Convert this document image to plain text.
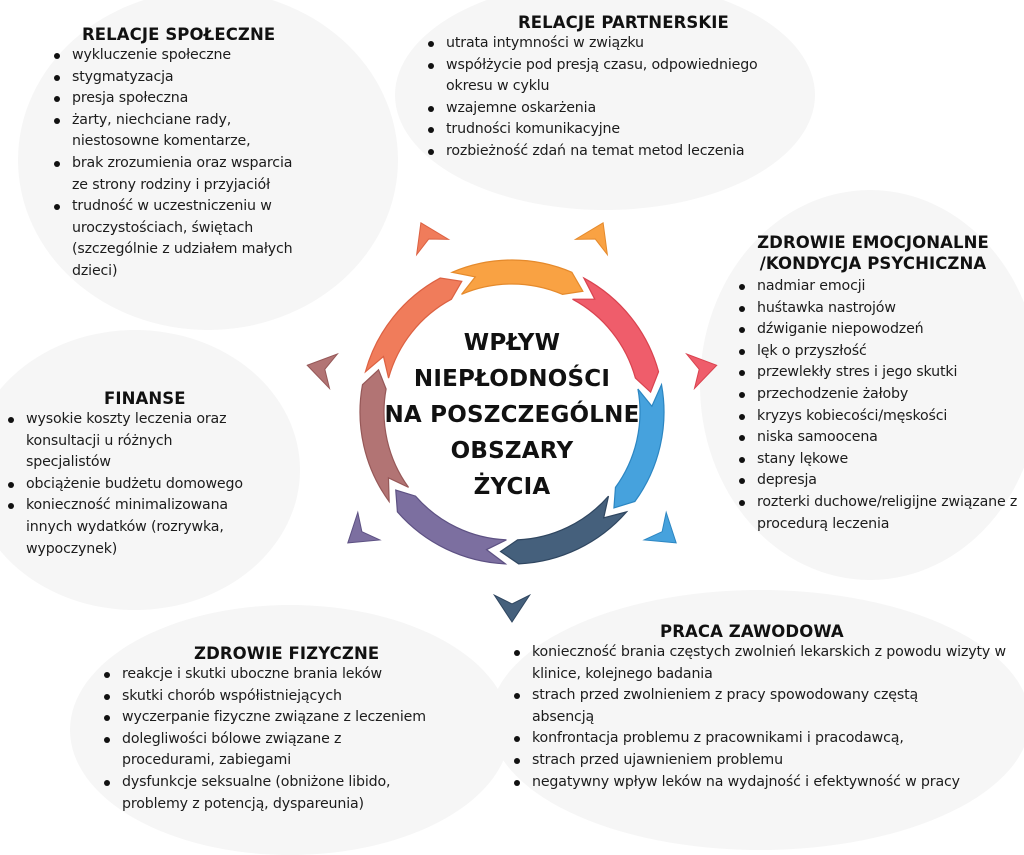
WPŁYW
NIEPŁODNOŚCI
NA POSZCZEGÓLNE
OBSZARY
ŻYCIA
RELACJE SPOŁECZNE
wykluczenie społeczne
stygmatyzacja
presja społeczna
żarty, niechciane rady, niestosowne komentarze,
brak zrozumienia oraz wsparcia ze strony rodziny i przyjaciół
trudność w uczestniczeniu w uroczystościach, świętach (szczególnie z udziałem małych dzieci)
RELACJE PARTNERSKIE
utrata intymności w związku
współżycie pod presją czasu, odpowiedniego okresu w cyklu
wzajemne oskarżenia
trudności komunikacyjne
rozbieżność zdań na temat metod leczenia
ZDROWIE EMOCJONALNE
/KONDYCJA PSYCHICZNA
nadmiar emocji
huśtawka nastrojów
dźwiganie niepowodzeń
lęk o przyszłość
przewlekły stres i jego skutki
przechodzenie żałoby
kryzys kobiecości/męskości
niska samoocena
stany lękowe
depresja
rozterki duchowe/religijne związane z procedurą leczenia
FINANSE
wysokie koszty leczenia oraz konsultacji u różnych specjalistów
obciążenie budżetu domowego
konieczność minimalizowana innych wydatków (rozrywka, wypoczynek)
ZDROWIE FIZYCZNE
reakcje i skutki uboczne brania leków
skutki chorób współistniejących
wyczerpanie fizyczne związane z leczeniem
dolegliwości bólowe związane z procedurami, zabiegami
dysfunkcje seksualne (obniżone libido, problemy z potencją, dyspareunia)
PRACA ZAWODOWA
konieczność brania częstych zwolnień lekarskich z powodu wizyty w klinice, kolejnego badania
strach przed zwolnieniem z pracy spowodowany częstą absencją
konfrontacja problemu z pracownikami i pracodawcą,
strach przed ujawnieniem problemu
negatywny wpływ leków na wydajność i efektywność w pracy
